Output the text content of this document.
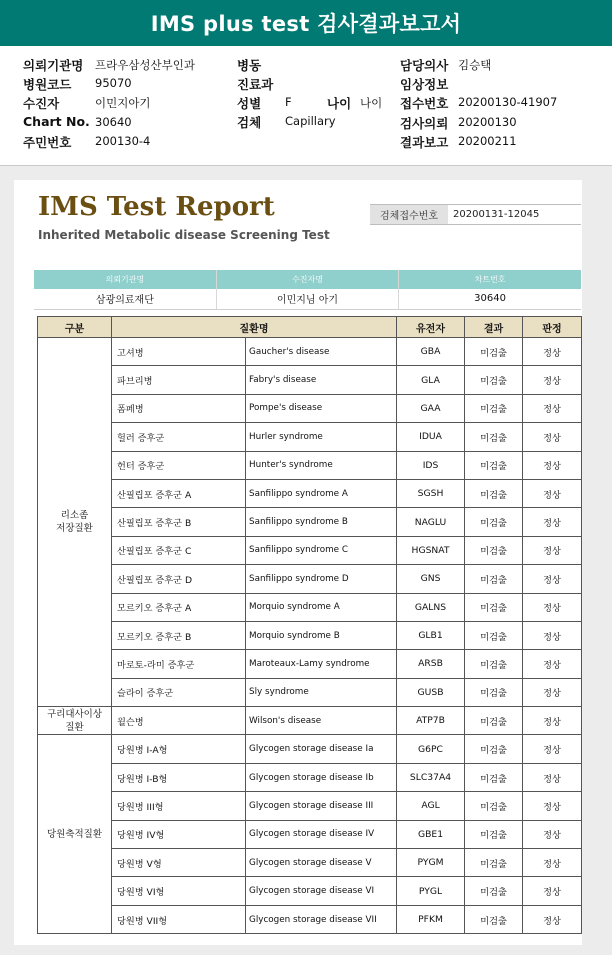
IMS plus test 검사결과보고서
의뢰기관명 프라우삼성산부인과
병원코드 95070
수진자	이민지아기
Chart No. 30640
주민번호 200130-4
병동
진료과
성별 F	나이 나이
검체 Capillary
담당의사 김승택
임상정보
접수번호 20200130-41907
검사의뢰 20200130
결과보고 20200211
IMS Test Report
Inherited Metabolic disease Screening Test
검체접수번호	20200131-12045
의뢰기관명	수진자명	차트번호
삼광의료재단	이민지님 아기	30640
구분	질환명		유전자	결과	판정
리소좀
저장질환	고셔병	Gaucher's disease	GBA	미검출	정상
	파브리병	Fabry's disease	GLA	미검출	정상
	폼페병	Pompe's disease	GAA	미검출	정상
	헐러 증후군	Hurler syndrome	IDUA	미검출	정상
	헌터 증후군	Hunter's syndrome	IDS	미검출	정상
	산필립포 증후군 A	Sanfilippo syndrome A	SGSH	미검출	정상
	산필립포 증후군 B	Sanfilippo syndrome B	NAGLU	미검출	정상
	산필립포 증후군 C	Sanfilippo syndrome C	HGSNAT	미검출	정상
	산필립포 증후군 D	Sanfilippo syndrome D	GNS	미검출	정상
	모르키오 증후군 A	Morquio syndrome A	GALNS	미검출	정상
	모르키오 증후군 B	Morquio syndrome B	GLB1	미검출	정상
	마로토-라미 증후군	Maroteaux-Lamy syndrome	ARSB	미검출	정상
	슬라이 증후군	Sly syndrome	GUSB	미검출	정상
구리대사이상
질환	윌슨병	Wilson's disease	ATP7B	미검출	정상
당원축적질환	당원병 I-A형	Glycogen storage disease Ia	G6PC	미검출	정상
	당원병 I-B형	Glycogen storage disease Ib	SLC37A4	미검출	정상
	당원병 III형	Glycogen storage disease III	AGL	미검출	정상
	당원병 IV형	Glycogen storage disease IV	GBE1	미검출	정상
	당원병 V형	Glycogen storage disease V	PYGM	미검출	정상
	당원병 VI형	Glycogen storage disease VI	PYGL	미검출	정상
	당원병 VII형	Glycogen storage disease VII	PFKM	미검출	정상
